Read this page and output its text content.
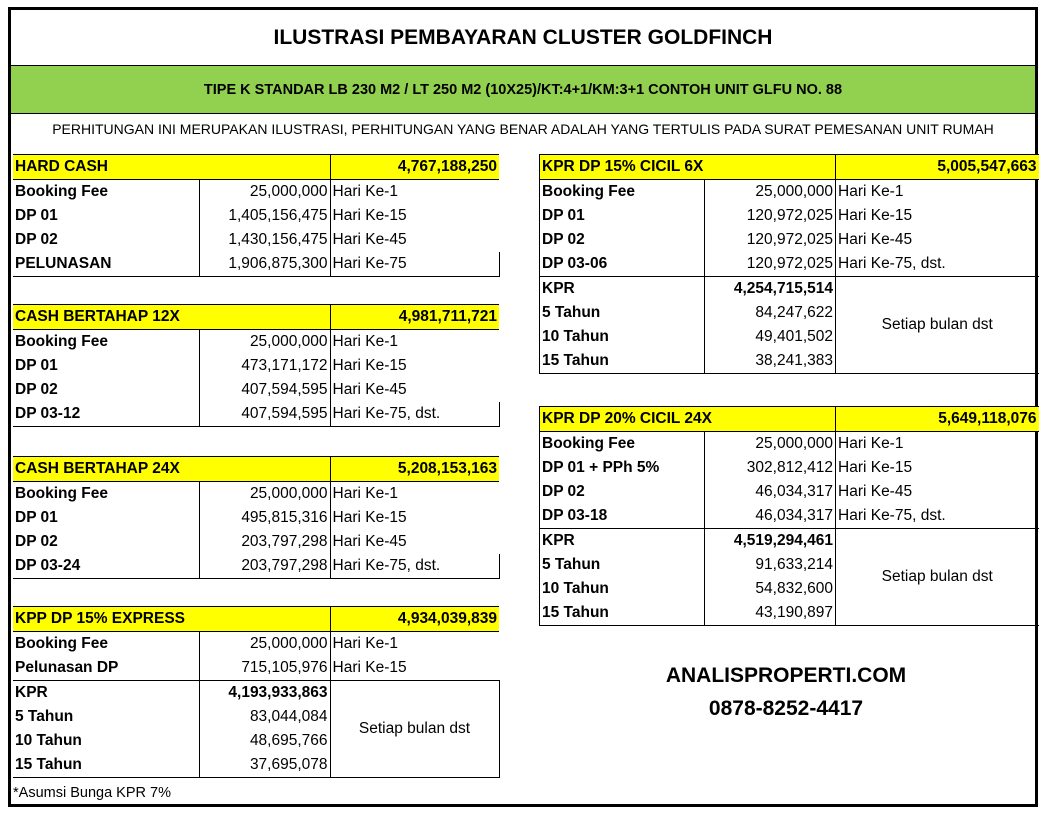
ILUSTRASI PEMBAYARAN CLUSTER GOLDFINCH
TIPE K STANDAR LB 230 M2 / LT 250 M2 (10X25)/KT:4+1/KM:3+1 CONTOH UNIT GLFU NO. 88
PERHITUNGAN INI MERUPAKAN ILUSTRASI, PERHITUNGAN YANG BENAR ADALAH YANG TERTULIS PADA SURAT PEMESANAN UNIT RUMAH
HARD CASH		4,767,188,250
Booking Fee	25,000,000	Hari Ke-1
DP 01	1,405,156,475	Hari Ke-15
DP 02	1,430,156,475	Hari Ke-45
PELUNASAN	1,906,875,300	Hari Ke-75
CASH BERTAHAP 12X		4,981,711,721
Booking Fee	25,000,000	Hari Ke-1
DP 01	473,171,172	Hari Ke-15
DP 02	407,594,595	Hari Ke-45
DP 03-12	407,594,595	Hari Ke-75, dst.
CASH BERTAHAP 24X		5,208,153,163
Booking Fee	25,000,000	Hari Ke-1
DP 01	495,815,316	Hari Ke-15
DP 02	203,797,298	Hari Ke-45
DP 03-24	203,797,298	Hari Ke-75, dst.
KPP DP 15% EXPRESS		4,934,039,839
Booking Fee	25,000,000	Hari Ke-1
Pelunasan DP	715,105,976	Hari Ke-15
KPR	4,193,933,863	Setiap bulan dst
5 Tahun	83,044,084	
10 Tahun	48,695,766	
15 Tahun	37,695,078	
KPR DP 15% CICIL 6X		5,005,547,663
Booking Fee	25,000,000	Hari Ke-1
DP 01	120,972,025	Hari Ke-15
DP 02	120,972,025	Hari Ke-45
DP 03-06	120,972,025	Hari Ke-75, dst.
KPR	4,254,715,514	Setiap bulan dst
5 Tahun	84,247,622	
10 Tahun	49,401,502	
15 Tahun	38,241,383	
KPR DP 20% CICIL 24X		5,649,118,076
Booking Fee	25,000,000	Hari Ke-1
DP 01 + PPh 5%	302,812,412	Hari Ke-15
DP 02	46,034,317	Hari Ke-45
DP 03-18	46,034,317	Hari Ke-75, dst.
KPR	4,519,294,461	Setiap bulan dst
5 Tahun	91,633,214	
10 Tahun	54,832,600	
15 Tahun	43,190,897	
ANALISPROPERTI.COM
0878-8252-4417
*Asumsi Bunga KPR 7%
